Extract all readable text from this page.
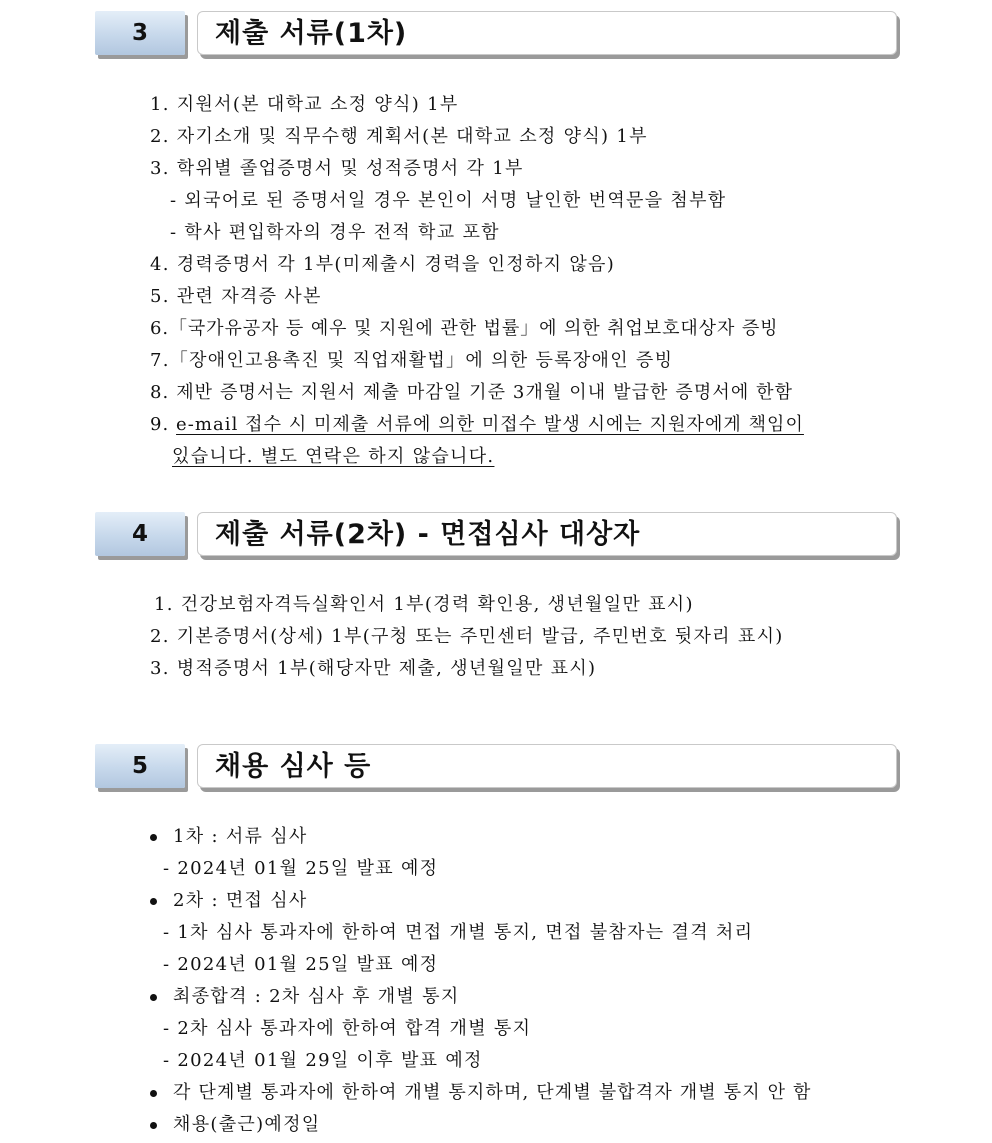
3	제출 서류(1차)
1. 지원서(본 대학교 소정 양식) 1부
2. 자기소개 및 직무수행 계획서(본 대학교 소정 양식) 1부
3. 학위별 졸업증명서 및 성적증명서 각 1부
- 외국어로 된 증명서일 경우 본인이 서명 날인한 번역문을 첨부함
- 학사 편입학자의 경우 전적 학교 포함
4. 경력증명서 각 1부(미제출시 경력을 인정하지 않음)
5. 관련 자격증 사본
6.「국가유공자 등 예우 및 지원에 관한 법률」에 의한 취업보호대상자 증빙
7.「장애인고용촉진 및 직업재활법」에 의한 등록장애인 증빙
8. 제반 증명서는 지원서 제출 마감일 기준 3개월 이내 발급한 증명서에 한함
9. e-mail 접수 시 미제출 서류에 의한 미접수 발생 시에는 지원자에게 책임이
있습니다. 별도 연락은 하지 않습니다.
4	제출 서류(2차) - 면접심사 대상자
1. 건강보험자격득실확인서 1부(경력 확인용, 생년월일만 표시)
2. 기본증명서(상세) 1부(구청 또는 주민센터 발급, 주민번호 뒷자리 표시)
3. 병적증명서 1부(해당자만 제출, 생년월일만 표시)
5	채용 심사 등
1차 : 서류 심사
- 2024년 01월 25일 발표 예정
2차 : 면접 심사
- 1차 심사 통과자에 한하여 면접 개별 통지, 면접 불참자는 결격 처리
- 2024년 01월 25일 발표 예정
최종합격 : 2차 심사 후 개별 통지
- 2차 심사 통과자에 한하여 합격 개별 통지
- 2024년 01월 29일 이후 발표 예정
각 단계별 통과자에 한하여 개별 통지하며, 단계별 불합격자 개별 통지 안 함
채용(출근)예정일
